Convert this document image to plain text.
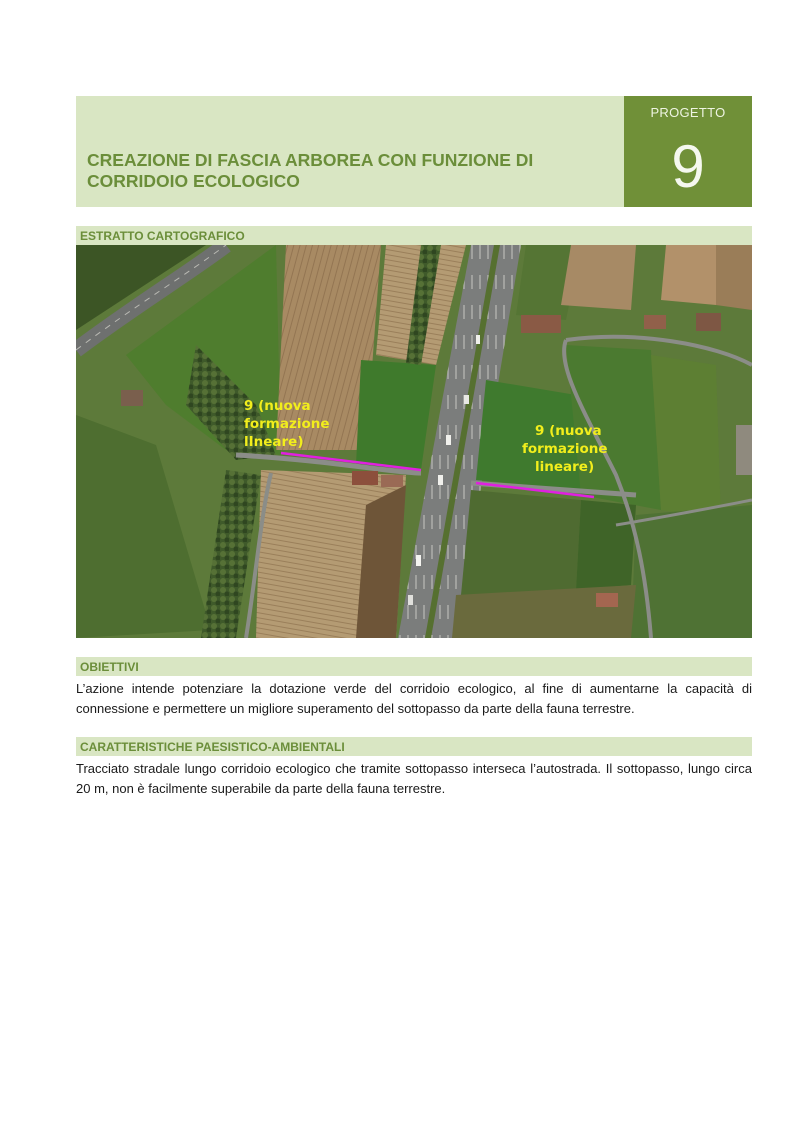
CREAZIONE DI FASCIA ARBOREA CON FUNZIONE DI CORRIDOIO ECOLOGICO
PROGETTO
9
ESTRATTO CARTOGRAFICO
9 (nuova formazione lIneare)
9 (nuova formazione lineare)
OBIETTIVI
L’azione intende potenziare la dotazione verde del corridoio ecologico, al fine di aumentarne la capacità di connessione e permettere un migliore superamento del sottopasso da parte della fauna terrestre.
CARATTERISTICHE PAESISTICO-AMBIENTALI
Tracciato stradale lungo corridoio ecologico che tramite sottopasso interseca l’autostrada. Il sottopasso, lungo circa 20 m, non è facilmente superabile da parte della fauna terrestre.
